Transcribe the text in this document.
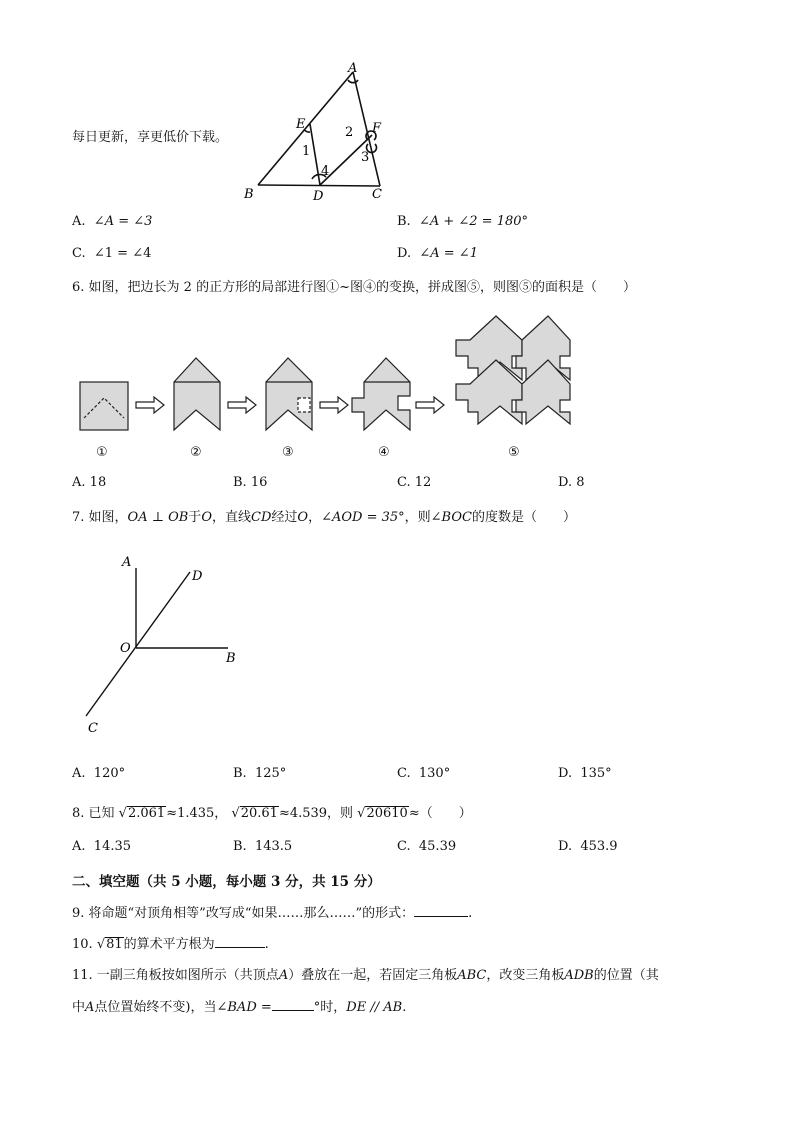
每日更新，享更低价下载。
A
E	F
B	D	C
1
2
3
4
A. ∠A = ∠3	B. ∠A + ∠2 = 180°
C. ∠1 = ∠4	D. ∠A = ∠1
6. 如图，把边长为 2 的正方形的局部进行图①~图④的变换，拼成图⑤，则图⑤的面积是（　　）
①	②	③	④	⑤
A. 18	B. 16	C. 12	D. 8
7. 如图，OA ⊥ OB于O，直线CD经过O，∠AOD = 35°，则∠BOC的度数是（　　）
A
D
O
B
C
A. 120°	B. 125°	C. 130°	D. 135°
8. 已知 √2.061≈1.435， √20.61≈4.539，则 √20610≈（　　）
A. 14.35	B. 143.5	C. 45.39	D. 453.9
二、填空题（共 5 小题，每小题 3 分，共 15 分）
9. 将命题“对顶角相等”改写成“如果……那么……”的形式：	.
10. √81的算术平方根为	.
11. 一副三角板按如图所示（共顶点A）叠放在一起，若固定三角板ABC，改变三角板ADB的位置（其
中A点位置始终不变)，当∠BAD =	°时，DE // AB.
